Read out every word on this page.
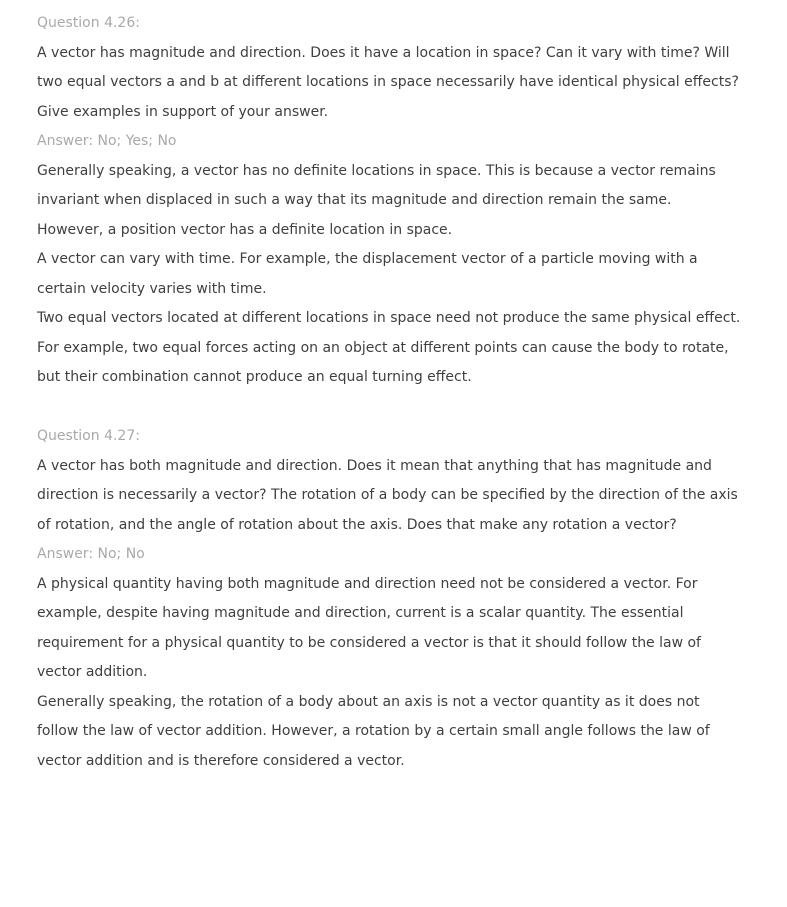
Question 4.26:

A vector has magnitude and direction. Does it have a location in space? Can it vary with time? Will two equal vectors a and b at different locations in space necessarily have identical physical effects? Give examples in support of your answer.

Answer: No; Yes; No

Generally speaking, a vector has no definite locations in space. This is because a vector remains invariant when displaced in such a way that its magnitude and direction remain the same. However, a position vector has a definite location in space.

A vector can vary with time. For example, the displacement vector of a particle moving with a certain velocity varies with time.

Two equal vectors located at different locations in space need not produce the same physical effect. For example, two equal forces acting on an object at different points can cause the body to rotate, but their combination cannot produce an equal turning effect.

Question 4.27:

A vector has both magnitude and direction. Does it mean that anything that has magnitude and direction is necessarily a vector? The rotation of a body can be specified by the direction of the axis of rotation, and the angle of rotation about the axis. Does that make any rotation a vector?

Answer: No; No

A physical quantity having both magnitude and direction need not be considered a vector. For example, despite having magnitude and direction, current is a scalar quantity. The essential requirement for a physical quantity to be considered a vector is that it should follow the law of vector addition.

Generally speaking, the rotation of a body about an axis is not a vector quantity as it does not follow the law of vector addition. However, a rotation by a certain small angle follows the law of vector addition and is therefore considered a vector.
